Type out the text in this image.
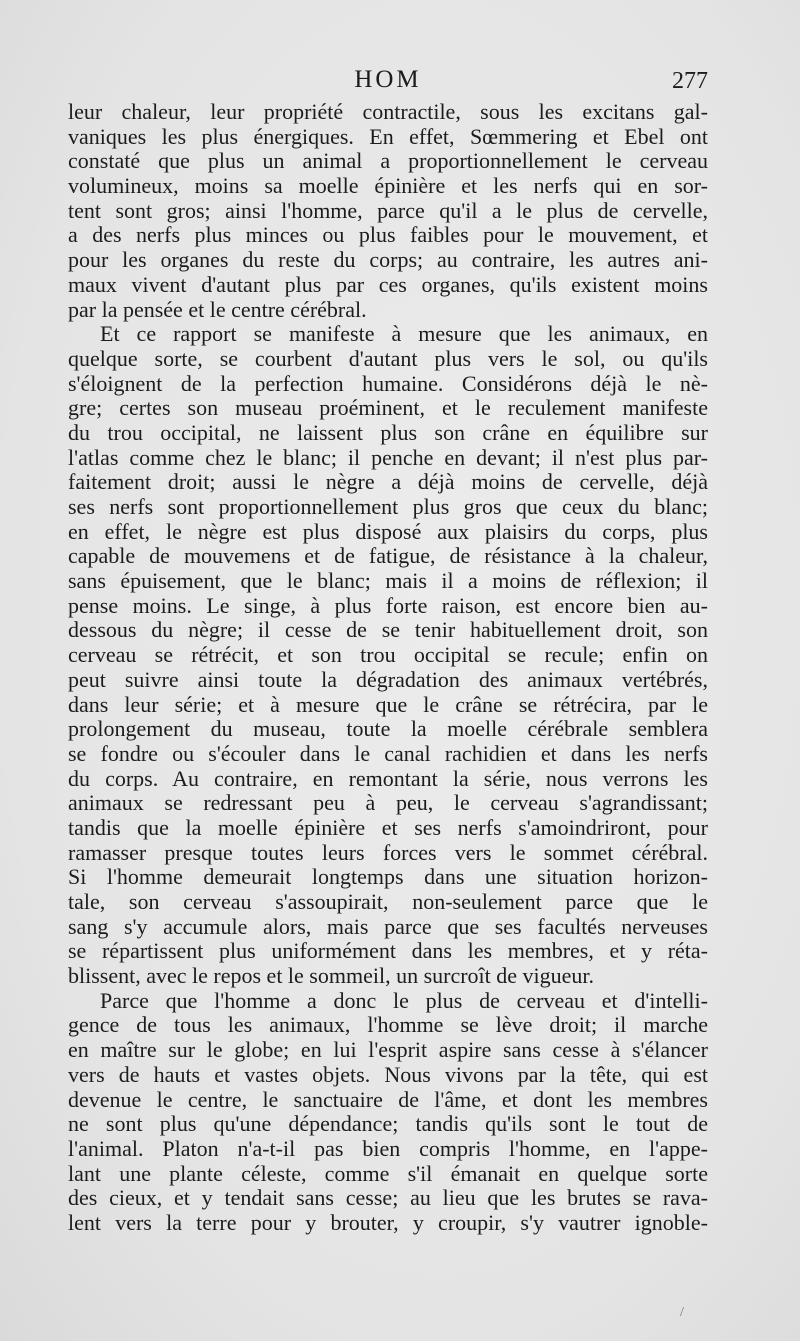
HOM	277
leur chaleur, leur propriété contractile, sous les excitans gal-
vaniques les plus énergiques. En effet, Sœmmering et Ebel ont
constaté que plus un animal a proportionnellement le cerveau
volumineux, moins sa moelle épinière et les nerfs qui en sor-
tent sont gros; ainsi l'homme, parce qu'il a le plus de cervelle,
a des nerfs plus minces ou plus faibles pour le mouvement, et
pour les organes du reste du corps; au contraire, les autres ani-
maux vivent d'autant plus par ces organes, qu'ils existent moins
par la pensée et le centre cérébral.
Et ce rapport se manifeste à mesure que les animaux, en
quelque sorte, se courbent d'autant plus vers le sol, ou qu'ils
s'éloignent de la perfection humaine. Considérons déjà le nè-
gre; certes son museau proéminent, et le reculement manifeste
du trou occipital, ne laissent plus son crâne en équilibre sur
l'atlas comme chez le blanc; il penche en devant; il n'est plus par-
faitement droit; aussi le nègre a déjà moins de cervelle, déjà
ses nerfs sont proportionnellement plus gros que ceux du blanc;
en effet, le nègre est plus disposé aux plaisirs du corps, plus
capable de mouvemens et de fatigue, de résistance à la chaleur,
sans épuisement, que le blanc; mais il a moins de réflexion; il
pense moins. Le singe, à plus forte raison, est encore bien au-
dessous du nègre; il cesse de se tenir habituellement droit, son
cerveau se rétrécit, et son trou occipital se recule; enfin on
peut suivre ainsi toute la dégradation des animaux vertébrés,
dans leur série; et à mesure que le crâne se rétrécira, par le
prolongement du museau, toute la moelle cérébrale semblera
se fondre ou s'écouler dans le canal rachidien et dans les nerfs
du corps. Au contraire, en remontant la série, nous verrons les
animaux se redressant peu à peu, le cerveau s'agrandissant;
tandis que la moelle épinière et ses nerfs s'amoindriront, pour
ramasser presque toutes leurs forces vers le sommet cérébral.
Si l'homme demeurait longtemps dans une situation horizon-
tale, son cerveau s'assoupirait, non-seulement parce que le
sang s'y accumule alors, mais parce que ses facultés nerveuses
se répartissent plus uniformément dans les membres, et y réta-
blissent, avec le repos et le sommeil, un surcroît de vigueur.
Parce que l'homme a donc le plus de cerveau et d'intelli-
gence de tous les animaux, l'homme se lève droit; il marche
en maître sur le globe; en lui l'esprit aspire sans cesse à s'élancer
vers de hauts et vastes objets. Nous vivons par la tête, qui est
devenue le centre, le sanctuaire de l'âme, et dont les membres
ne sont plus qu'une dépendance; tandis qu'ils sont le tout de
l'animal. Platon n'a-t-il pas bien compris l'homme, en l'appe-
lant une plante céleste, comme s'il émanait en quelque sorte
des cieux, et y tendait sans cesse; au lieu que les brutes se rava-
lent vers la terre pour y brouter, y croupir, s'y vautrer ignoble-
/
